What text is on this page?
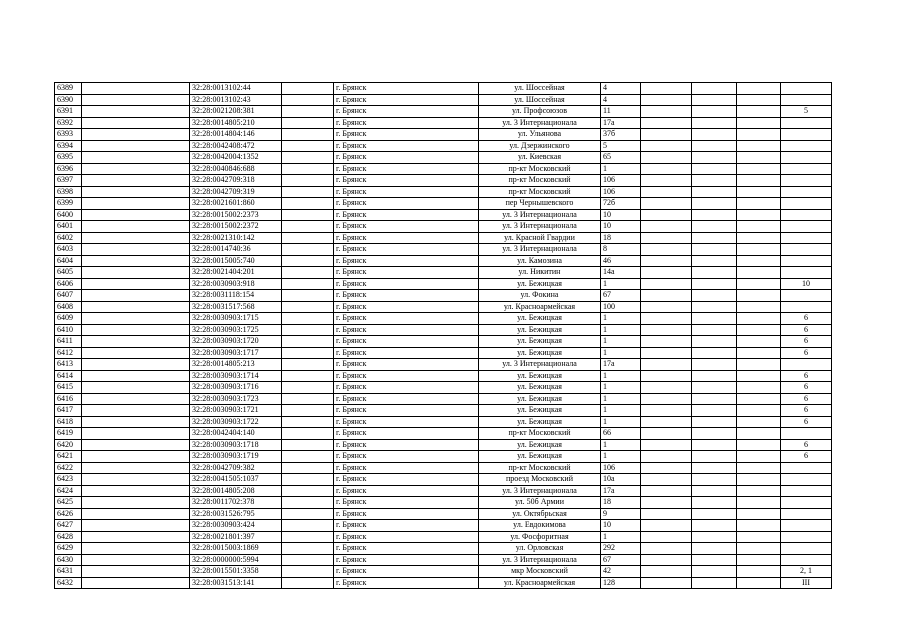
6389		32:28:0013102:44		г. Брянск	ул. Шоссейная	4				
6390		32:28:0013102:43		г. Брянск	ул. Шоссейная	4				
6391		32:28:0021208:381		г. Брянск	ул. Профсоюзов	11				5
6392		32:28:0014805:210		г. Брянск	ул. 3 Интернационала	17а				
6393		32:28:0014804:146		г. Брянск	ул. Ульянова	37б				
6394		32:28:0042408:472		г. Брянск	ул. Дзержинского	5				
6395		32:28:0042004:1352		г. Брянск	ул. Киевская	65				
6396		32:28:0040846:688		г. Брянск	пр-кт Московский	1				
6397		32:28:0042709:318		г. Брянск	пр-кт Московский	106				
6398		32:28:0042709:319		г. Брянск	пр-кт Московский	106				
6399		32:28:0021601:860		г. Брянск	пер Чернышевского	72б				
6400		32:28:0015002:2373		г. Брянск	ул. 3 Интернационала	10				
6401		32:28:0015002:2372		г. Брянск	ул. 3 Интернационала	10				
6402		32:28:0021310:142		г. Брянск	ул. Красной Гвардии	18				
6403		32:28:0014740:36		г. Брянск	ул. 3 Интернационала	8				
6404		32:28:0015005:740		г. Брянск	ул. Камозина	46				
6405		32:28:0021404:201		г. Брянск	ул. Никитин	14а				
6406		32:28:0030903:918		г. Брянск	ул. Бежицкая	1				10
6407		32:28:0031118:154		г. Брянск	ул. Фокина	67				
6408		32:28:0031517:568		г. Брянск	ул. Красноармейская	100				
6409		32:28:0030903:1715		г. Брянск	ул. Бежицкая	1				6
6410		32:28:0030903:1725		г. Брянск	ул. Бежицкая	1				6
6411		32:28:0030903:1720		г. Брянск	ул. Бежицкая	1				6
6412		32:28:0030903:1717		г. Брянск	ул. Бежицкая	1				6
6413		32:28:0014805:213		г. Брянск	ул. 3 Интернационала	17а				
6414		32:28:0030903:1714		г. Брянск	ул. Бежицкая	1				6
6415		32:28:0030903:1716		г. Брянск	ул. Бежицкая	1				6
6416		32:28:0030903:1723		г. Брянск	ул. Бежицкая	1				6
6417		32:28:0030903:1721		г. Брянск	ул. Бежицкая	1				6
6418		32:28:0030903:1722		г. Брянск	ул. Бежицкая	1				6
6419		32:28:0042404:140		г. Брянск	пр-кт Московский	66				
6420		32:28:0030903:1718		г. Брянск	ул. Бежицкая	1				6
6421		32:28:0030903:1719		г. Брянск	ул. Бежицкая	1				6
6422		32:28:0042709:382		г. Брянск	пр-кт Московский	106				
6423		32:28:0041505:1037		г. Брянск	проезд Московский	10а				
6424		32:28:0014805:208		г. Брянск	ул. 3 Интернационала	17а				
6425		32:28:0011702:378		г. Брянск	ул. 50б Армии	18				
6426		32:28:0031526:795		г. Брянск	ул. Октябрьская	9				
6427		32:28:0030903:424		г. Брянск	ул. Евдокимова	10				
6428		32:28:0021801:397		г. Брянск	ул. Фосфоритная	1				
6429		32:28:0015003:1869		г. Брянск	ул. Орловская	292				
6430		32:28:0000000:5994		г. Брянск	ул. 3 Интернационала	67				
6431		32:28:0015501:3358		г. Брянск	мкр Московский	42				2, 1
6432		32:28:0031513:141		г. Брянск	ул. Красноармейская	128				III
